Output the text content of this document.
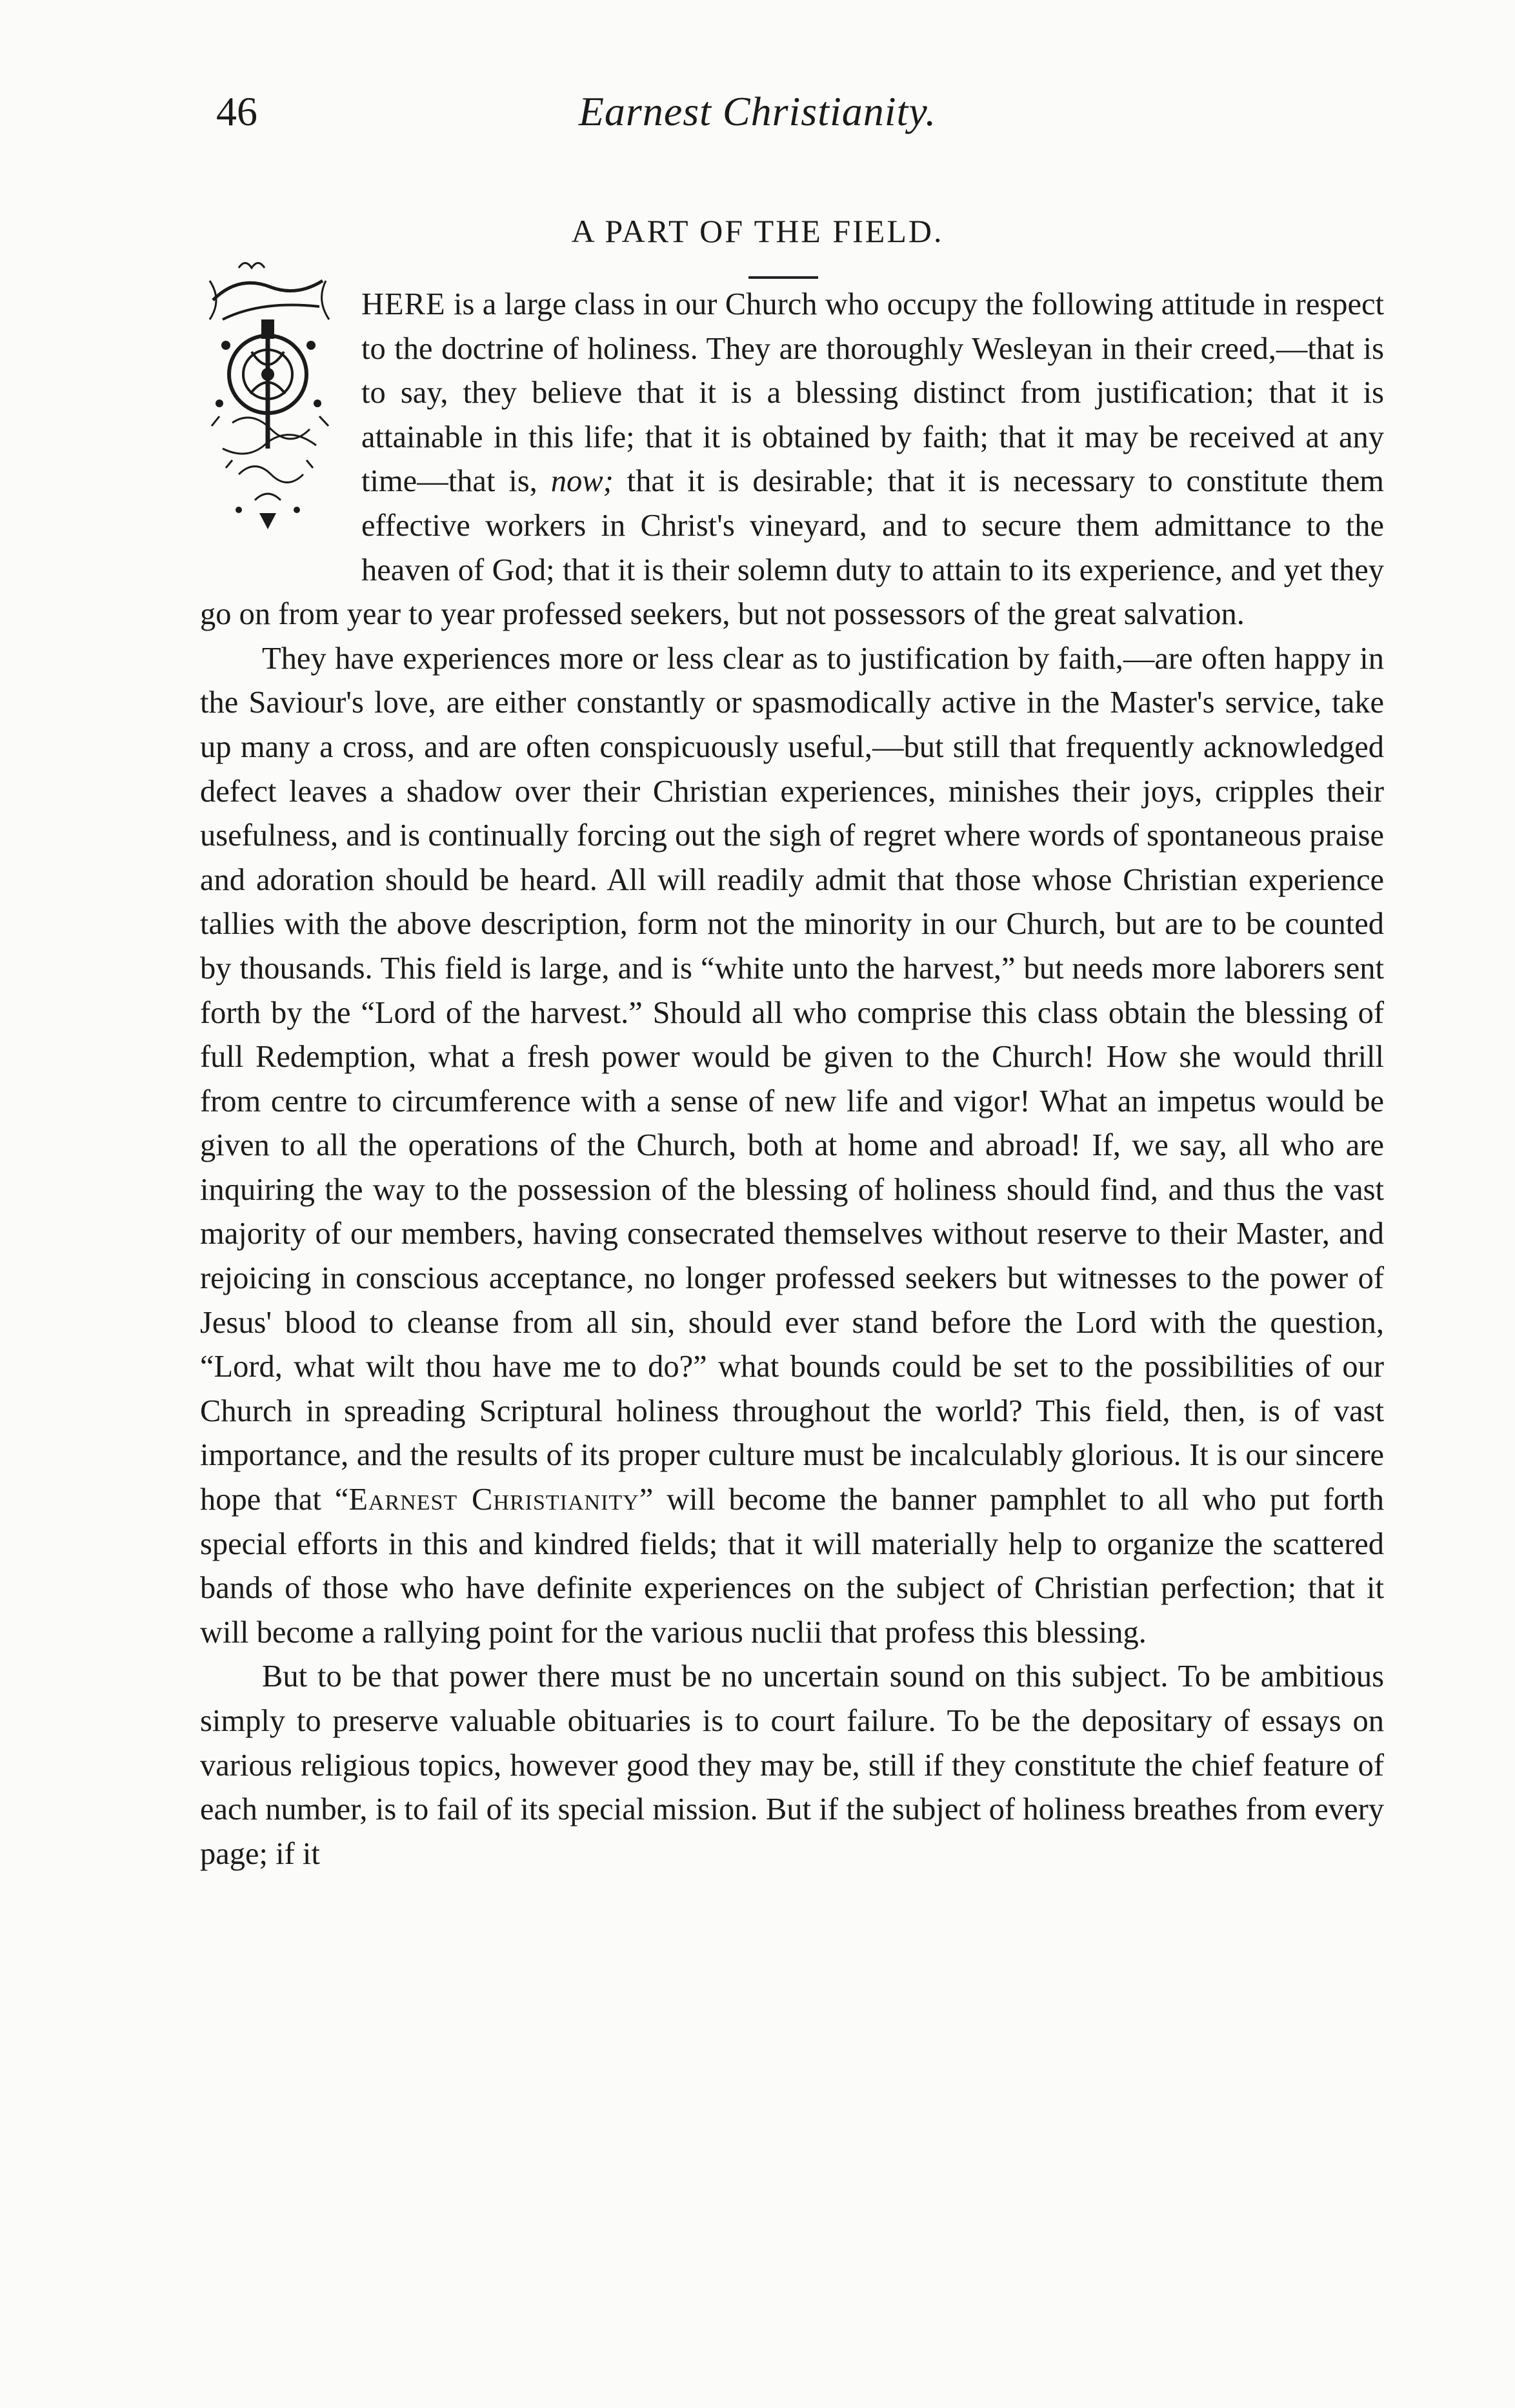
46	Earnest Christianity.
A PART OF THE FIELD.
T

HERE is a large class in our Church who occupy the following attitude in respect to the doctrine of holiness. They are thoroughly Wesleyan in their creed,—that is to say, they believe that it is a blessing distinct from justification; that it is attainable in this life; that it is obtained by faith; that it may be received at any time—that is, now; that it is desirable; that it is necessary to constitute them effective workers in Christ's vineyard, and to secure them admittance to the heaven of God; that it is their solemn duty to attain to its experience, and yet they go on from year to year professed seekers, but not possessors of the great salvation.

They have experiences more or less clear as to justification by faith,—are often happy in the Saviour's love, are either constantly or spasmodically active in the Master's service, take up many a cross, and are often conspicuously useful,—but still that frequently acknowledged defect leaves a shadow over their Christian experiences, minishes their joys, cripples their usefulness, and is continually forcing out the sigh of regret where words of spontaneous praise and adoration should be heard. All will readily admit that those whose Christian experience tallies with the above description, form not the minority in our Church, but are to be counted by thousands. This field is large, and is “white unto the harvest,” but needs more laborers sent forth by the “Lord of the harvest.” Should all who comprise this class obtain the blessing of full Redemption, what a fresh power would be given to the Church! How she would thrill from centre to circumference with a sense of new life and vigor! What an impetus would be given to all the operations of the Church, both at home and abroad! If, we say, all who are inquiring the way to the possession of the blessing of holiness should find, and thus the vast majority of our members, having consecrated themselves without reserve to their Master, and rejoicing in conscious acceptance, no longer professed seekers but witnesses to the power of Jesus' blood to cleanse from all sin, should ever stand before the Lord with the question, “Lord, what wilt thou have me to do?” what bounds could be set to the possibilities of our Church in spreading Scriptural holiness throughout the world? This field, then, is of vast importance, and the results of its proper culture must be incalculably glorious. It is our sincere hope that “Earnest Christianity” will become the banner pamphlet to all who put forth special efforts in this and kindred fields; that it will materially help to organize the scattered bands of those who have definite experiences on the subject of Christian perfection; that it will become a rallying point for the various nuclii that profess this blessing.

But to be that power there must be no uncertain sound on this subject. To be ambitious simply to preserve valuable obituaries is to court failure. To be the depositary of essays on various religious topics, however good they may be, still if they constitute the chief feature of each number, is to fail of its special mission. But if the subject of holiness breathes from every page; if it
